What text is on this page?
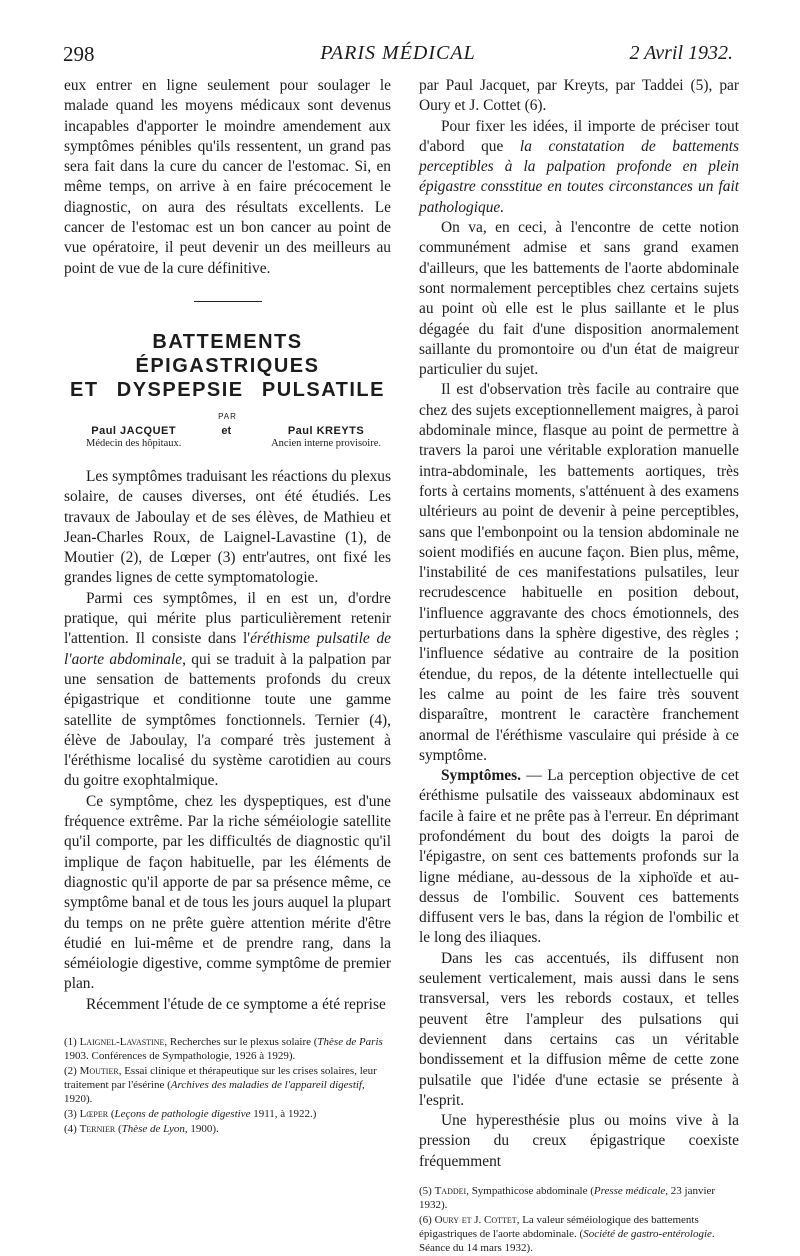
298	PARIS MÉDICAL	2 Avril 1932.

eux entrer en ligne seulement pour soulager le malade quand les moyens médicaux sont devenus incapables d'apporter le moindre amendement aux symptômes pénibles qu'ils ressentent, un grand pas sera fait dans la cure du cancer de l'estomac. Si, en même temps, on arrive à en faire précocement le diagnostic, on aura des résultats excellents. Le cancer de l'estomac est un bon cancer au point de vue opératoire, il peut devenir un des meilleurs au point de vue de la cure définitive.

BATTEMENTS
ÉPIGASTRIQUES
ET DYSPEPSIE PULSATILE
PAR
Paul JACQUET
Médecin des hôpitaux.
et	Paul KREYTS
Ancien interne provisoire.

Les symptômes traduisant les réactions du plexus solaire, de causes diverses, ont été étudiés. Les travaux de Jaboulay et de ses élèves, de Mathieu et Jean-Charles Roux, de Laignel-Lavastine (1), de Moutier (2), de Lœper (3) entr'autres, ont fixé les grandes lignes de cette symptomatologie.

Parmi ces symptômes, il en est un, d'ordre pratique, qui mérite plus particulièrement retenir l'attention. Il consiste dans l'éréthisme pulsatile de l'aorte abdominale, qui se traduit à la palpation par une sensation de battements profonds du creux épigastrique et conditionne toute une gamme satellite de symptômes fonctionnels. Ternier (4), élève de Jaboulay, l'a comparé très justement à l'éréthisme localisé du système carotidien au cours du goitre exophtalmique.

Ce symptôme, chez les dyspeptiques, est d'une fréquence extrême. Par la riche séméiologie satellite qu'il comporte, par les difficultés de diagnostic qu'il implique de façon habituelle, par les éléments de diagnostic qu'il apporte de par sa présence même, ce symptôme banal et de tous les jours auquel la plupart du temps on ne prête guère attention mérite d'être étudié en lui-même et de prendre rang, dans la séméiologie digestive, comme symptôme de premier plan.

Récemment l'étude de ce symptome a été reprise

(1) Laignel-Lavastine, Recherches sur le plexus solaire (Thèse de Paris 1903. Conférences de Sympathologie, 1926 à 1929).

(2) Moutier, Essai clinique et thérapeutique sur les crises solaires, leur traitement par l'ésérine (Archives des maladies de l'appareil digestif, 1920).

(3) Lœper (Leçons de pathologie digestive 1911, à 1922.)

(4) Ternier (Thèse de Lyon, 1900).

par Paul Jacquet, par Kreyts, par Taddei (5), par Oury et J. Cottet (6).

Pour fixer les idées, il importe de préciser tout d'abord que la constatation de battements perceptibles à la palpation profonde en plein épigastre consstitue en toutes circonstances un fait pathologique.

On va, en ceci, à l'encontre de cette notion communément admise et sans grand examen d'ailleurs, que les battements de l'aorte abdominale sont normalement perceptibles chez certains sujets au point où elle est le plus saillante et le plus dégagée du fait d'une disposition anormalement saillante du promontoire ou d'un état de maigreur particulier du sujet.

Il est d'observation très facile au contraire que chez des sujets exceptionnellement maigres, à paroi abdominale mince, flasque au point de permettre à travers la paroi une véritable exploration manuelle intra-abdominale, les battements aortiques, très forts à certains moments, s'atténuent à des examens ultérieurs au point de devenir à peine perceptibles, sans que l'embonpoint ou la tension abdominale ne soient modifiés en aucune façon. Bien plus, même, l'instabilité de ces manifestations pulsatiles, leur recrudescence habituelle en position debout, l'influence aggravante des chocs émotionnels, des perturbations dans la sphère digestive, des règles ; l'influence sédative au contraire de la position étendue, du repos, de la détente intellectuelle qui les calme au point de les faire très souvent disparaître, montrent le caractère franchement anormal de l'éréthisme vasculaire qui préside à ce symptôme.

Symptômes. — La perception objective de cet éréthisme pulsatile des vaisseaux abdominaux est facile à faire et ne prête pas à l'erreur. En déprimant profondément du bout des doigts la paroi de l'épigastre, on sent ces battements profonds sur la ligne médiane, au-dessous de la xiphoïde et au-dessus de l'ombilic. Souvent ces battements diffusent vers le bas, dans la région de l'ombilic et le long des iliaques.

Dans les cas accentués, ils diffusent non seulement verticalement, mais aussi dans le sens transversal, vers les rebords costaux, et telles peuvent être l'ampleur des pulsations qui deviennent dans certains cas un véritable bondissement et la diffusion même de cette zone pulsatile que l'idée d'une ectasie se présente à l'esprit.

Une hyperesthésie plus ou moins vive à la pression du creux épigastrique coexiste fréquemment

(5) Taddei, Sympathicose abdominale (Presse médicale, 23 janvier 1932).

(6) Oury et J. Cottet, La valeur séméiologique des battements épigastriques de l'aorte abdominale. (Société de gastro-entérologie. Séance du 14 mars 1932).
